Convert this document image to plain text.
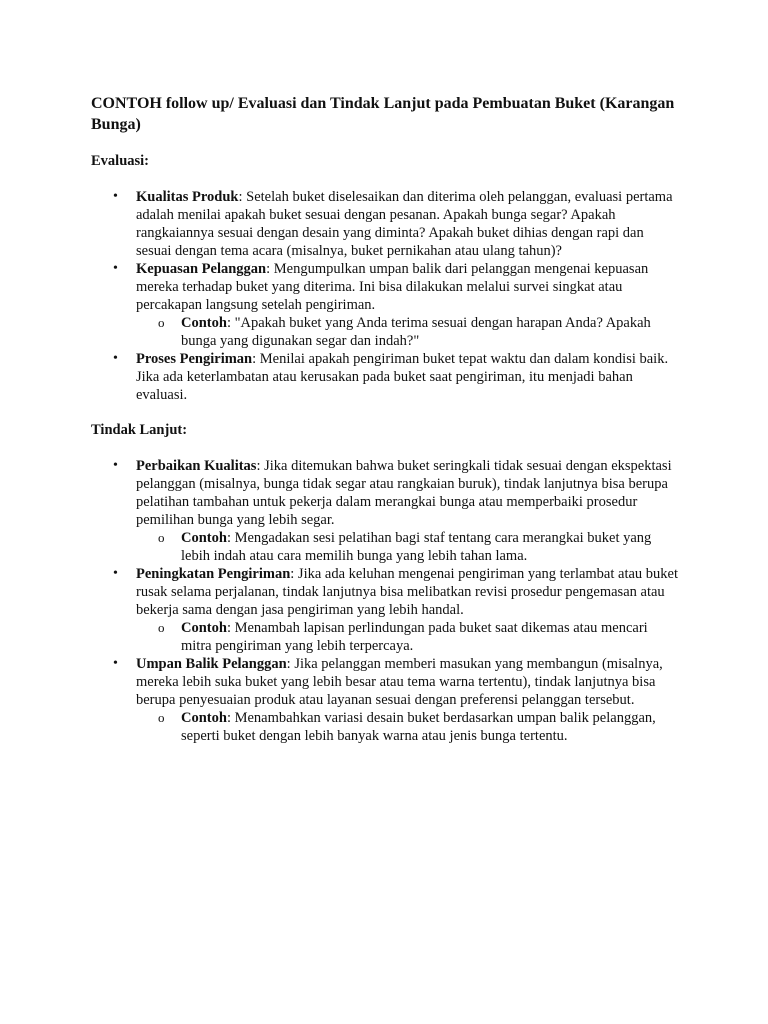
CONTOH follow up/ Evaluasi dan Tindak Lanjut pada Pembuatan Buket (Karangan Bunga)

Evaluasi:

• Kualitas Produk: Setelah buket diselesaikan dan diterima oleh pelanggan, evaluasi pertama adalah menilai apakah buket sesuai dengan pesanan. Apakah bunga segar? Apakah rangkaiannya sesuai dengan desain yang diminta? Apakah buket dihias dengan rapi dan sesuai dengan tema acara (misalnya, buket pernikahan atau ulang tahun)?
• Kepuasan Pelanggan: Mengumpulkan umpan balik dari pelanggan mengenai kepuasan mereka terhadap buket yang diterima. Ini bisa dilakukan melalui survei singkat atau percakapan langsung setelah pengiriman.
o Contoh: "Apakah buket yang Anda terima sesuai dengan harapan Anda? Apakah bunga yang digunakan segar dan indah?"
• Proses Pengiriman: Menilai apakah pengiriman buket tepat waktu dan dalam kondisi baik. Jika ada keterlambatan atau kerusakan pada buket saat pengiriman, itu menjadi bahan evaluasi.

Tindak Lanjut:

• Perbaikan Kualitas: Jika ditemukan bahwa buket seringkali tidak sesuai dengan ekspektasi pelanggan (misalnya, bunga tidak segar atau rangkaian buruk), tindak lanjutnya bisa berupa pelatihan tambahan untuk pekerja dalam merangkai bunga atau memperbaiki prosedur pemilihan bunga yang lebih segar.
o Contoh: Mengadakan sesi pelatihan bagi staf tentang cara merangkai buket yang lebih indah atau cara memilih bunga yang lebih tahan lama.
• Peningkatan Pengiriman: Jika ada keluhan mengenai pengiriman yang terlambat atau buket rusak selama perjalanan, tindak lanjutnya bisa melibatkan revisi prosedur pengemasan atau bekerja sama dengan jasa pengiriman yang lebih handal.
o Contoh: Menambah lapisan perlindungan pada buket saat dikemas atau mencari mitra pengiriman yang lebih terpercaya.
• Umpan Balik Pelanggan: Jika pelanggan memberi masukan yang membangun (misalnya, mereka lebih suka buket yang lebih besar atau tema warna tertentu), tindak lanjutnya bisa berupa penyesuaian produk atau layanan sesuai dengan preferensi pelanggan tersebut.
o Contoh: Menambahkan variasi desain buket berdasarkan umpan balik pelanggan, seperti buket dengan lebih banyak warna atau jenis bunga tertentu.
